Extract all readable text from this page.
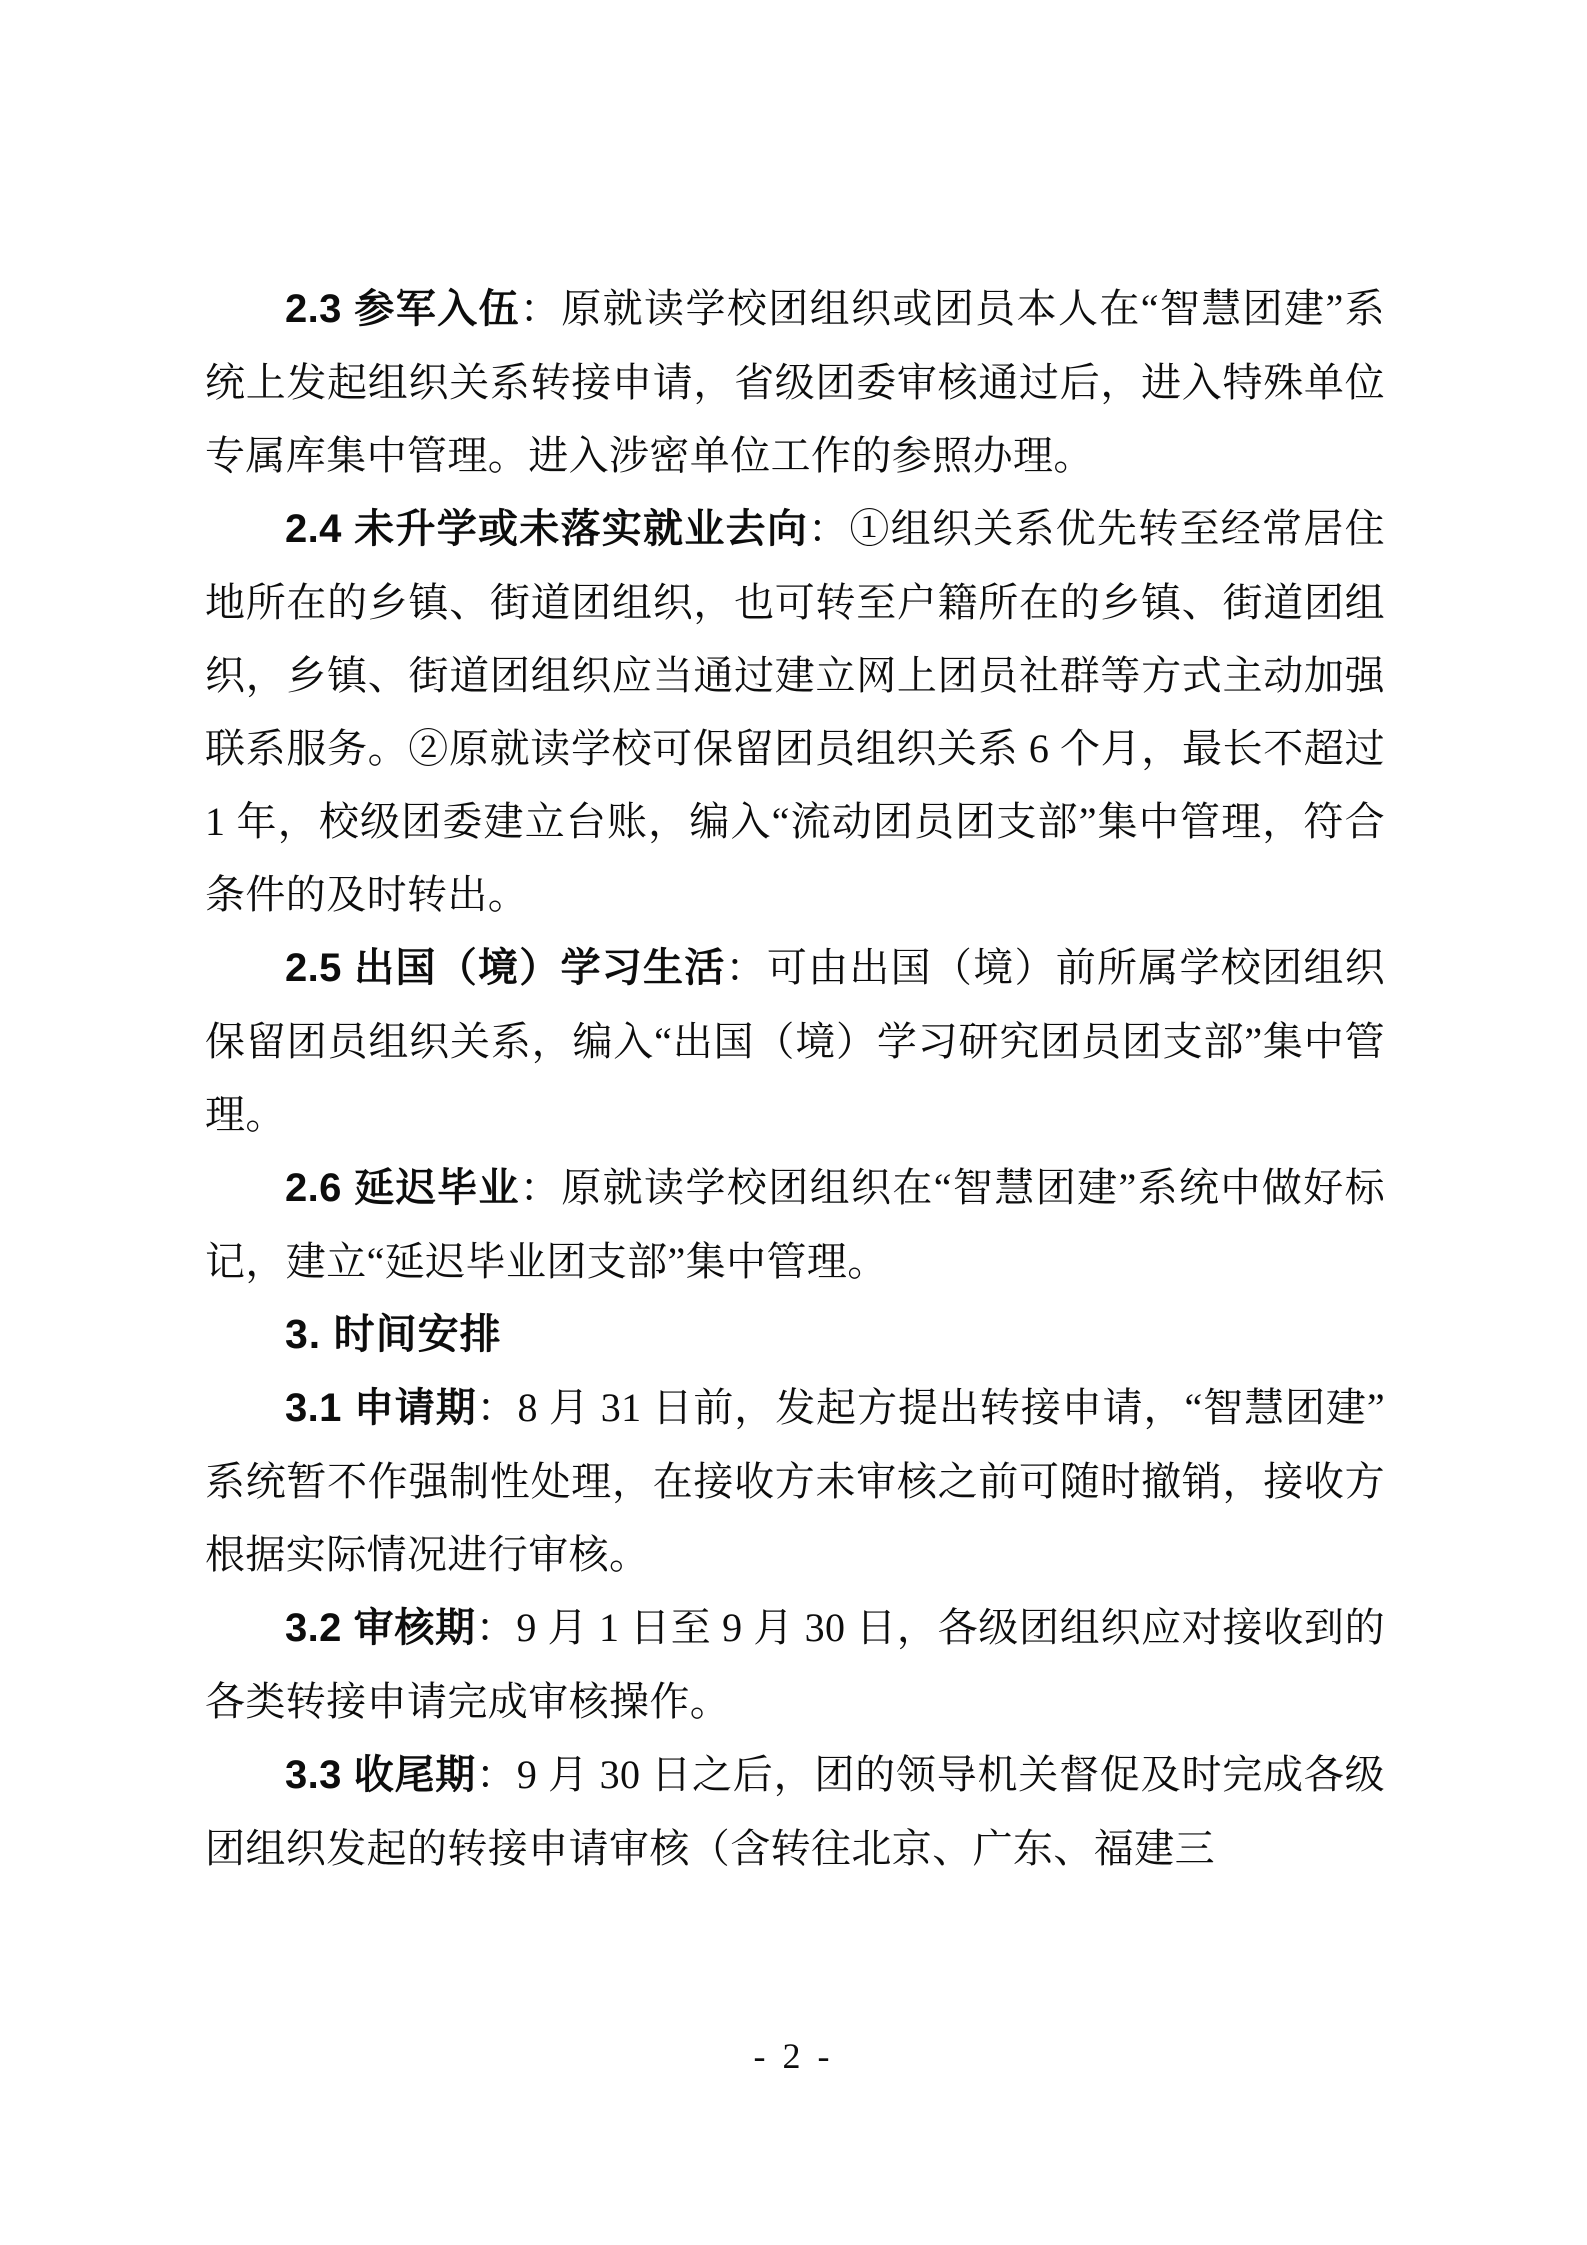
2.3 参军入伍：原就读学校团组织或团员本人在“智慧团建”系统上发起组织关系转接申请，省级团委审核通过后，进入特殊单位专属库集中管理。进入涉密单位工作的参照办理。

2.4 未升学或未落实就业去向：①组织关系优先转至经常居住地所在的乡镇、街道团组织，也可转至户籍所在的乡镇、街道团组织，乡镇、街道团组织应当通过建立网上团员社群等方式主动加强联系服务。②原就读学校可保留团员组织关系 6 个月，最长不超过 1 年，校级团委建立台账，编入“流动团员团支部”集中管理，符合条件的及时转出。

2.5 出国（境）学习生活：可由出国（境）前所属学校团组织保留团员组织关系，编入“出国（境）学习研究团员团支部”集中管理。

2.6 延迟毕业：原就读学校团组织在“智慧团建”系统中做好标记，建立“延迟毕业团支部”集中管理。

3. 时间安排

3.1 申请期：8 月 31 日前，发起方提出转接申请，“智慧团建”系统暂不作强制性处理，在接收方未审核之前可随时撤销，接收方根据实际情况进行审核。

3.2 审核期：9 月 1 日至 9 月 30 日，各级团组织应对接收到的各类转接申请完成审核操作。

3.3 收尾期：9 月 30 日之后，团的领导机关督促及时完成各级团组织发起的转接申请审核（含转往北京、广东、福建三

- 2 -
